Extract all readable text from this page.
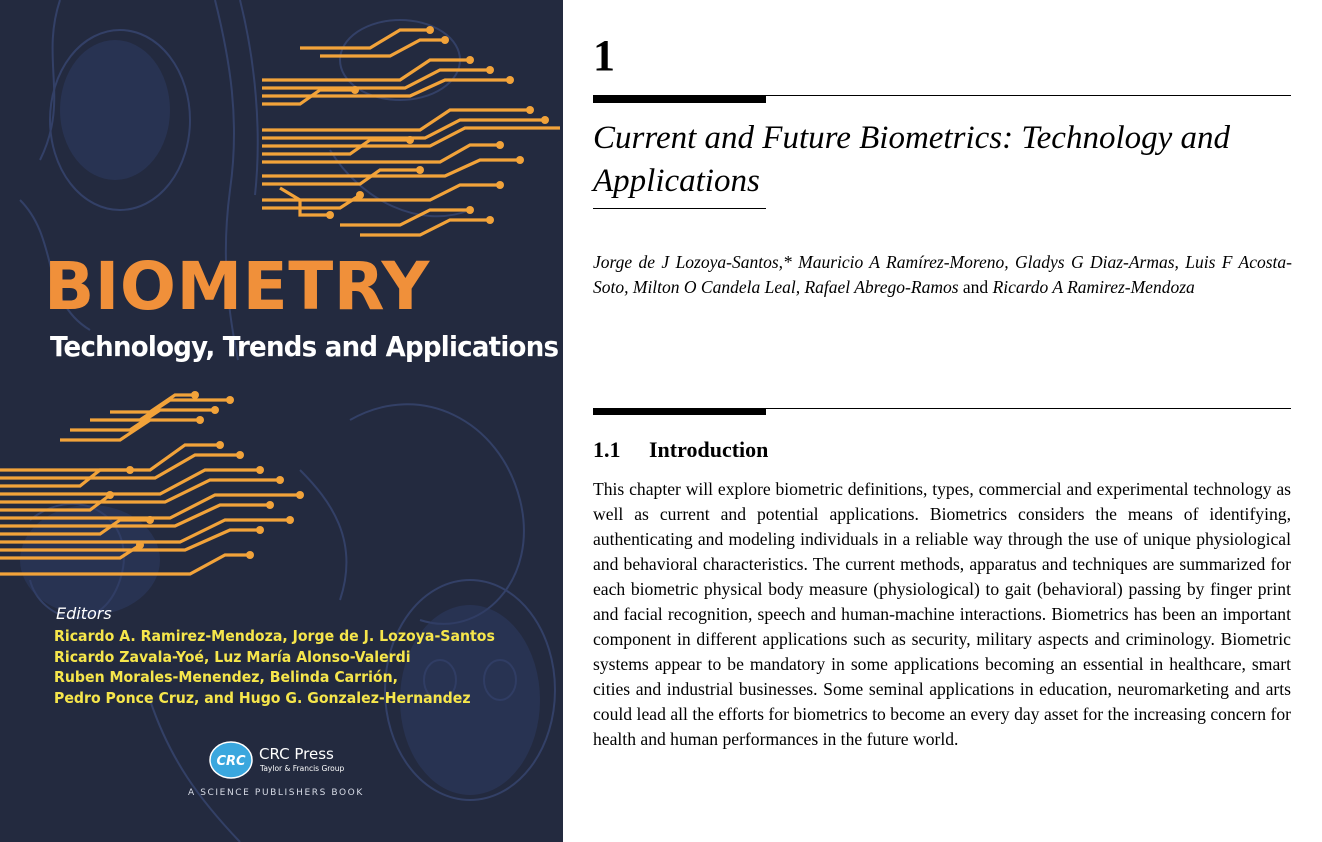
BIOMETRY
Technology, Trends and Applications
Editors
Ricardo A. Ramirez-Mendoza, Jorge de J. Lozoya-Santos
Ricardo Zavala-Yoé, Luz María Alonso-Valerdi
Ruben Morales-Menendez, Belinda Carrión,
Pedro Ponce Cruz, and Hugo G. Gonzalez-Hernandez
CRC CRC Press
Taylor & Francis Group
A SCIENCE PUBLISHERS BOOK
1
Current and Future Biometrics: Technology and Applications

Jorge de J Lozoya-Santos,* Mauricio A Ramírez-Moreno, Gladys G Diaz-Armas, Luis F Acosta-Soto, Milton O Candela Leal, Rafael Abrego-Ramos and Ricardo A Ramirez-Mendoza

1.1 Introduction

This chapter will explore biometric definitions, types, commercial and experimental technology as well as current and potential applications. Biometrics considers the means of identifying, authenticating and modeling individuals in a reliable way through the use of unique physiological and behavioral characteristics. The current methods, apparatus and techniques are summarized for each biometric physical body measure (physiological) to gait (behavioral) passing by finger print and facial recognition, speech and human-machine interactions. Biometrics has been an important component in different applications such as security, military aspects and criminology. Biometric systems appear to be mandatory in some applications becoming an essential in healthcare, smart cities and industrial businesses. Some seminal applications in education, neuromarketing and arts could lead all the efforts for biometrics to become an every day asset for the increasing concern for health and human performances in the future world.
